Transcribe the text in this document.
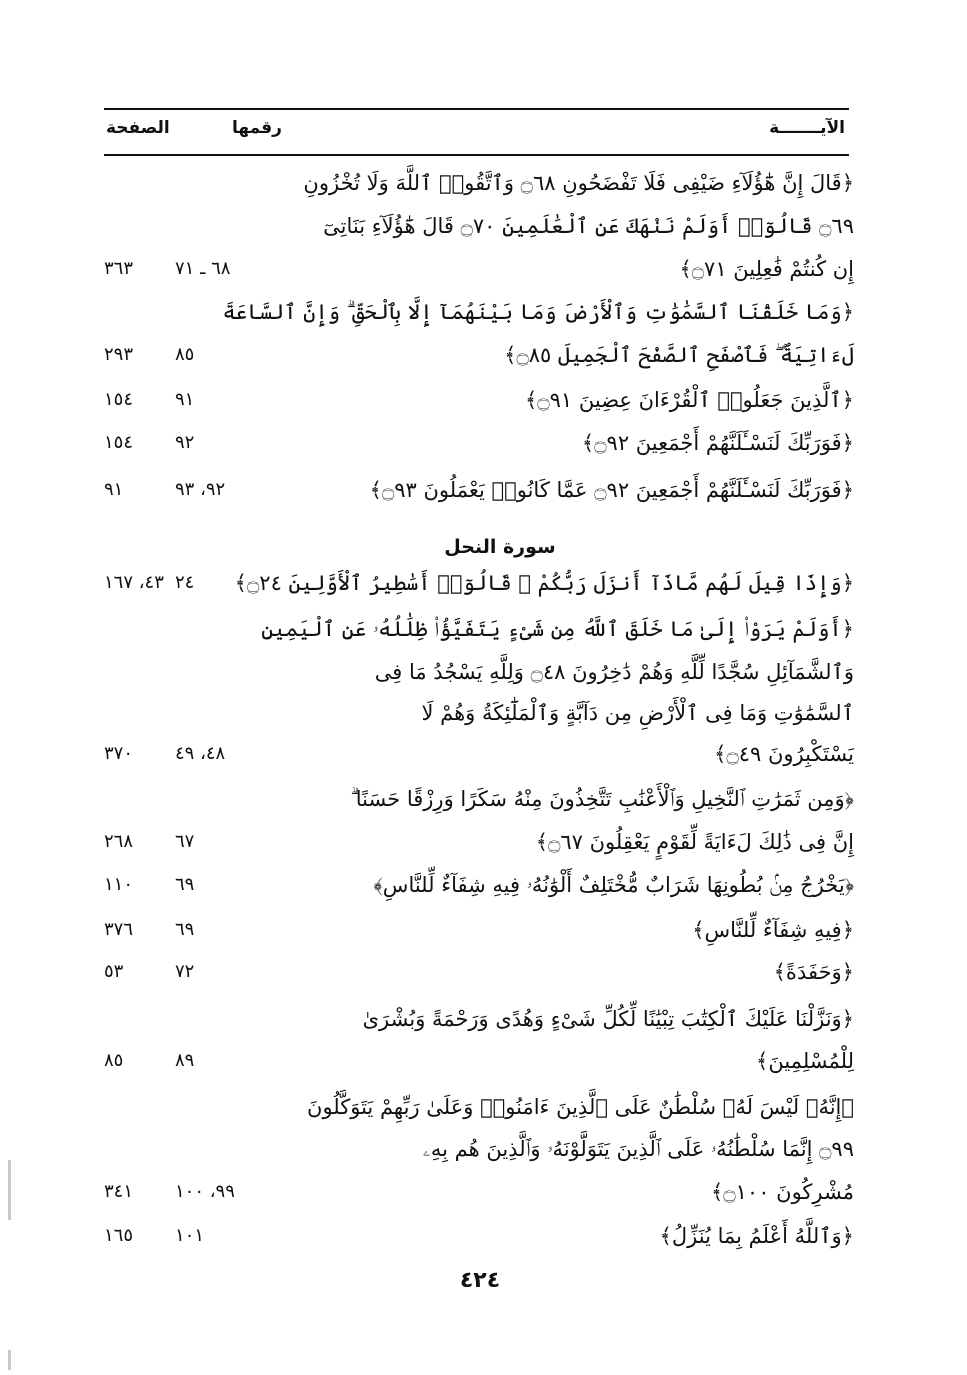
الآيـــــــة
رقمها
الصفحة
﴿قَالَ إِنَّ هَٰٓؤُلَآءِ ضَيْفِى فَلَا تَفْضَحُونِ ۝٦٨ وَٱتَّقُوا۟ ٱللَّهَ وَلَا تُخْزُونِ
۝٦٩ قَالُوٓا۟ أَوَلَمْ نَنْهَكَ عَنِ ٱلْعَٰلَمِينَ ۝٧٠ قَالَ هَٰٓؤُلَآءِ بَنَاتِىٓ
إِن كُنتُمْ فَٰعِلِينَ ۝٧١﴾
﴿وَمَا خَلَقْنَا ٱلسَّمَٰوَٰتِ وَٱلْأَرْضَ وَمَا بَيْنَهُمَآ إِلَّا بِٱلْحَقِّ ۗ وَإِنَّ ٱلسَّاعَةَ
لَءَاتِيَةٌ ۖ فَٱصْفَحِ ٱلصَّفْحَ ٱلْجَمِيلَ ۝٨٥﴾
﴿ٱلَّذِينَ جَعَلُوا۟ ٱلْقُرْءَانَ عِضِينَ ۝٩١﴾
﴿فَوَرَبِّكَ لَنَسْـَٔلَنَّهُمْ أَجْمَعِينَ ۝٩٢﴾
﴿فَوَرَبِّكَ لَنَسْـَٔلَنَّهُمْ أَجْمَعِينَ ۝٩٢ عَمَّا كَانُوا۟ يَعْمَلُونَ ۝٩٣﴾
سورة النحل
﴿وَإِذَا قِيلَ لَهُم مَّاذَآ أَنزَلَ رَبُّكُمْ ۙ قَالُوٓا۟ أَسَٰطِيرُ ٱلْأَوَّلِينَ ۝٢٤﴾
﴿أَوَلَمْ يَرَوْا۟ إِلَىٰ مَا خَلَقَ ٱللَّهُ مِن شَىْءٍ يَتَفَيَّؤُا۟ ظِلَٰلُهُۥ عَنِ ٱلْيَمِينِ
وَٱلشَّمَآئِلِ سُجَّدًا لِّلَّهِ وَهُمْ دَٰخِرُونَ ۝٤٨ وَلِلَّهِ يَسْجُدُ مَا فِى
ٱلسَّمَٰوَٰتِ وَمَا فِى ٱلْأَرْضِ مِن دَآبَّةٍ وَٱلْمَلَٰٓئِكَةُ وَهُمْ لَا
يَسْتَكْبِرُونَ ۝٤٩﴾
﴿وَمِن ثَمَرَٰتِ ٱلنَّخِيلِ وَٱلْأَعْنَٰبِ تَتَّخِذُونَ مِنْهُ سَكَرًا وَرِزْقًا حَسَنًا ۗ
إِنَّ فِى ذَٰلِكَ لَءَايَةً لِّقَوْمٍ يَعْقِلُونَ ۝٦٧﴾
﴿يَخْرُجُ مِنۢ بُطُونِهَا شَرَابٌ مُّخْتَلِفٌ أَلْوَٰنُهُۥ فِيهِ شِفَآءٌ لِّلنَّاسِ﴾
﴿فِيهِ شِفَآءٌ لِّلنَّاسِ﴾
﴿وَحَفَدَةً﴾
﴿وَنَزَّلْنَا عَلَيْكَ ٱلْكِتَٰبَ تِبْيَٰنًا لِّكُلِّ شَىْءٍ وَهُدًى وَرَحْمَةً وَبُشْرَىٰ
لِلْمُسْلِمِينَ﴾
﴿إِنَّهُۥ لَيْسَ لَهُۥ سُلْطَٰنٌ عَلَى ٱلَّذِينَ ءَامَنُوا۟ وَعَلَىٰ رَبِّهِمْ يَتَوَكَّلُونَ
۝٩٩ إِنَّمَا سُلْطَٰنُهُۥ عَلَى ٱلَّذِينَ يَتَوَلَّوْنَهُۥ وَٱلَّذِينَ هُم بِهِۦ
مُشْرِكُونَ ۝١٠٠﴾
﴿وَٱللَّهُ أَعْلَمُ بِمَا يُنَزِّلُ﴾
٦٨ ـ ٧١
٣٦٣
٨٥
٢٩٣
٩١
١٥٤
٩٢
١٥٤
٩٢، ٩٣
٩١
٢٤
٤٣، ١٦٧
٤٨، ٤٩
٣٧٠
٦٧
٢٦٨
٦٩
١١٠
٦٩
٣٧٦
٧٢
٥٣
٨٩
٨٥
٩٩، ١٠٠
٣٤١
١٠١
١٦٥
٤٢٤
